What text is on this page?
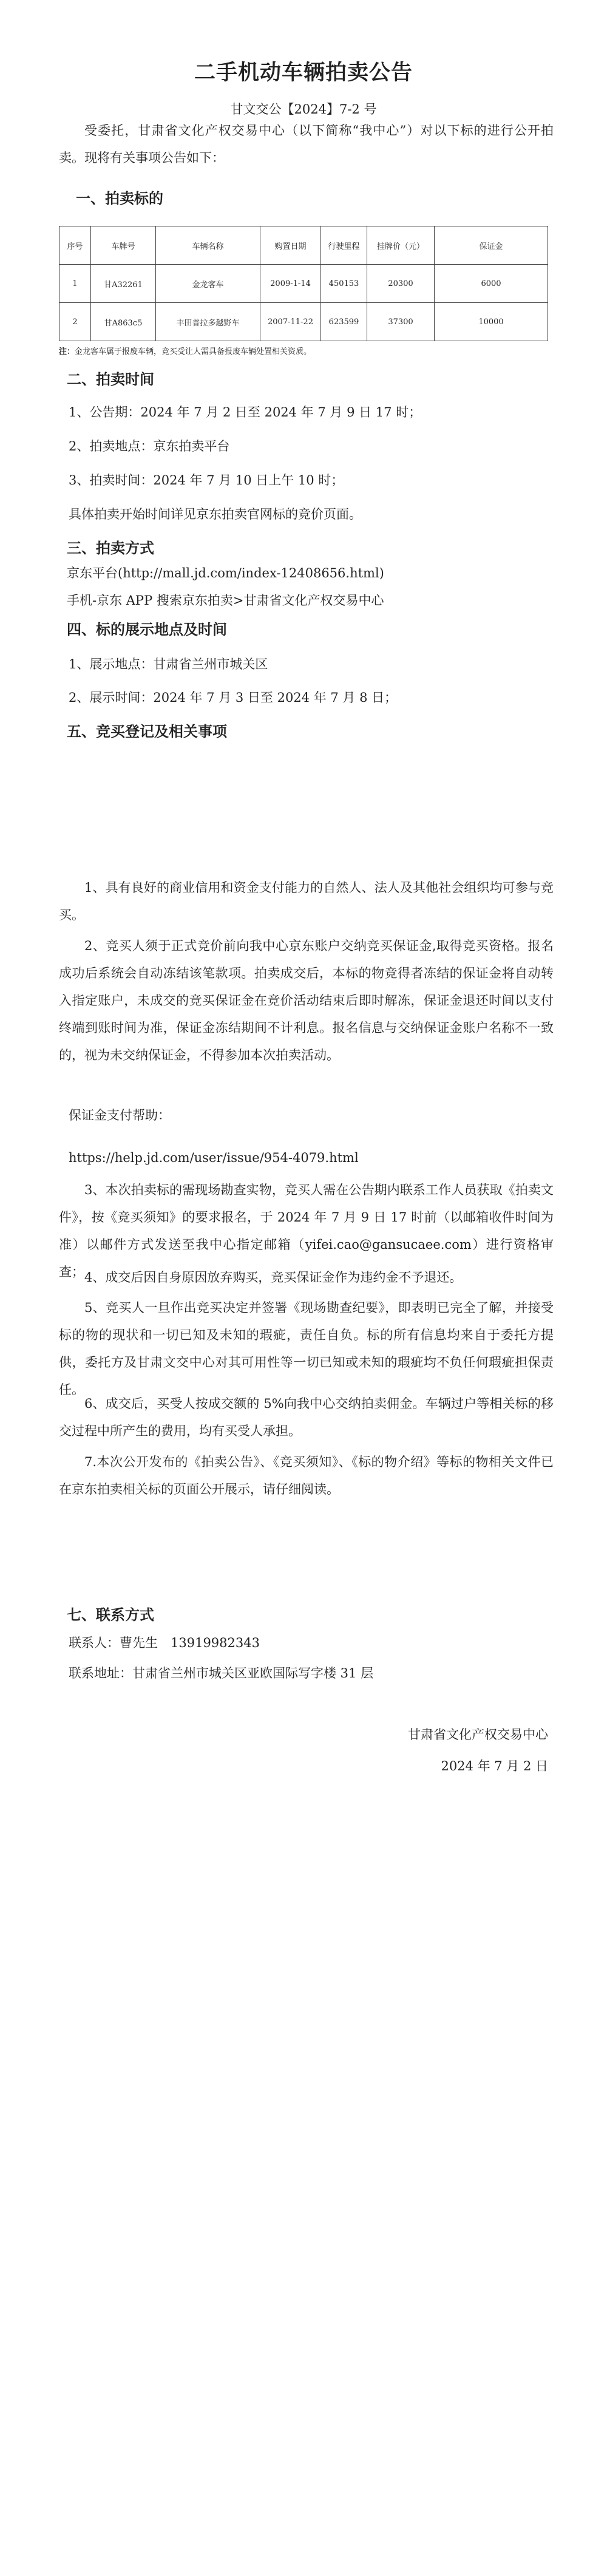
二手机动车辆拍卖公告
甘文交公【2024】7-2 号
受委托，甘肃省文化产权交易中心（以下简称“我中心”）对以下标的进行公开拍卖。现将有关事项公告如下：
一、拍卖标的
序号	车牌号	车辆名称	购置日期	行驶里程	挂牌价（元）	保证金
1	甘A32261	金龙客车	2009-1-14	450153	20300	6000
2	甘A863c5	丰田普拉多越野车	2007-11-22	623599	37300	10000
注：金龙客车属于报废车辆，竞买受让人需具备报废车辆处置相关资质。
二、拍卖时间
1、公告期：2024 年 7 月 2 日至 2024 年 7 月 9 日 17 时；
2、拍卖地点：京东拍卖平台
3、拍卖时间：2024 年 7 月 10 日上午 10 时；
具体拍卖开始时间详见京东拍卖官网标的竞价页面。
三、拍卖方式
京东平台(http://mall.jd.com/index-12408656.html)
手机-京东 APP 搜索京东拍卖>甘肃省文化产权交易中心
四、标的展示地点及时间
1、展示地点：甘肃省兰州市城关区
2、展示时间：2024 年 7 月 3 日至 2024 年 7 月 8 日；
五、竞买登记及相关事项
1、具有良好的商业信用和资金支付能力的自然人、法人及其他社会组织均可参与竞买。
2、竞买人须于正式竞价前向我中心京东账户交纳竞买保证金,取得竞买资格。报名成功后系统会自动冻结该笔款项。拍卖成交后，本标的物竞得者冻结的保证金将自动转入指定账户，未成交的竞买保证金在竞价活动结束后即时解冻，保证金退还时间以支付终端到账时间为准，保证金冻结期间不计利息。报名信息与交纳保证金账户名称不一致的，视为未交纳保证金，不得参加本次拍卖活动。
保证金支付帮助：
https://help.jd.com/user/issue/954-4079.html
3、本次拍卖标的需现场勘查实物，竞买人需在公告期内联系工作人员获取《拍卖文件》，按《竞买须知》的要求报名，于 2024 年 7 月 9 日 17 时前（以邮箱收件时间为准）以邮件方式发送至我中心指定邮箱（yifei.cao@gansucaee.com）进行资格审查； 4、成交后因自身原因放弃购买，竞买保证金作为违约金不予退还。
5、竞买人一旦作出竞买决定并签署《现场勘查纪要》，即表明已完全了解，并接受标的物的现状和一切已知及未知的瑕疵，责任自负。标的所有信息均来自于委托方提供，委托方及甘肃文交中心对其可用性等一切已知或未知的瑕疵均不负任何瑕疵担保责任。
6、成交后，买受人按成交额的 5%向我中心交纳拍卖佣金。车辆过户等相关标的移交过程中所产生的费用，均有买受人承担。
7.本次公开发布的《拍卖公告》、《竞买须知》、《标的物介绍》等标的物相关文件已在京东拍卖相关标的页面公开展示，请仔细阅读。
七、联系方式
联系人：曹先生　13919982343
联系地址：甘肃省兰州市城关区亚欧国际写字楼 31 层
甘肃省文化产权交易中心
2024 年 7 月 2 日
